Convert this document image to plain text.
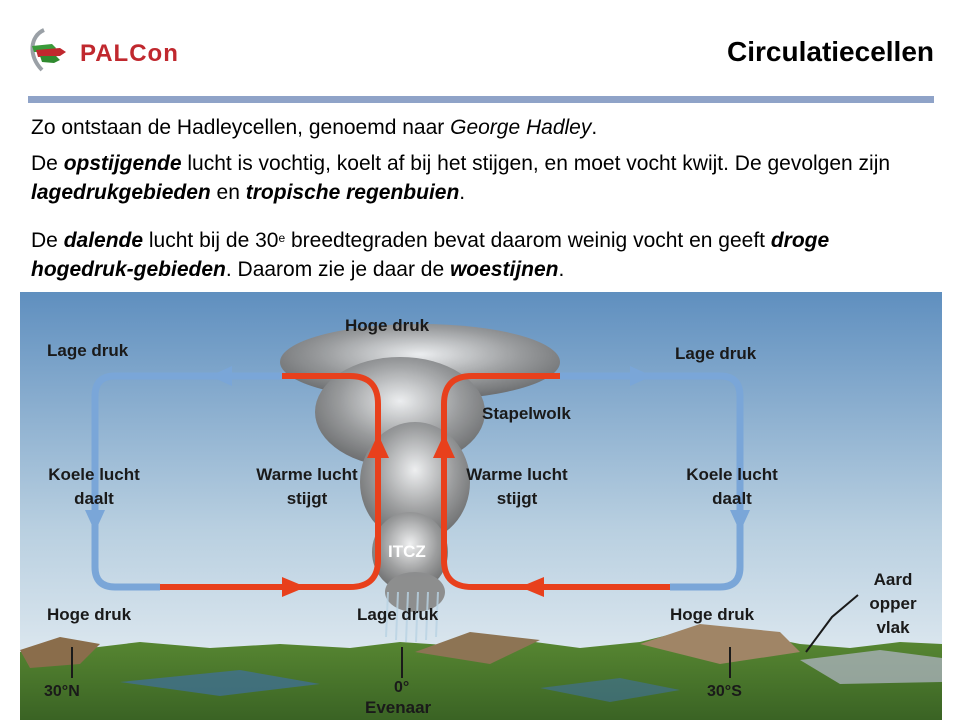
PALCon	Circulatiecellen
Zo ontstaan de Hadleycellen, genoemd naar George Hadley.
De opstijgende lucht is vochtig, koelt af bij het stijgen, en moet vocht kwijt. De gevolgen zijn lagedrukgebieden en tropische regenbuien.
De dalende lucht bij de 30e breedtegraden bevat daarom weinig vocht en geeft droge hogedruk-gebieden. Daarom zie je daar de woestijnen.
Hoge druk
Lage druk	Lage druk
Stapelwolk
Koele lucht
daalt
Warme lucht
stijgt
Warme lucht
stijgt
Koele lucht
daalt
ITCZ
Hoge druk	Lage druk	Hoge druk
Aard
opper
vlak
30°N	0°	30°S
Evenaar
